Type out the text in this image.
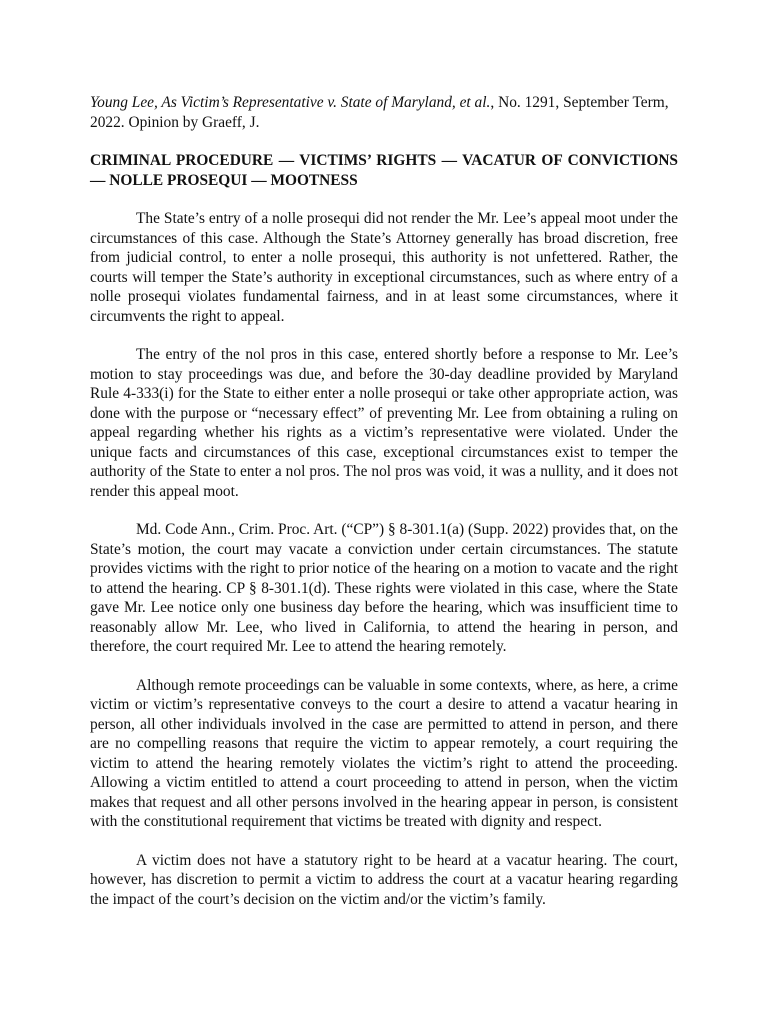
Young Lee, As Victim’s Representative v. State of Maryland, et al., No. 1291, September Term, 2022. Opinion by Graeff, J.

CRIMINAL PROCEDURE — VICTIMS’ RIGHTS — VACATUR OF CONVICTIONS — NOLLE PROSEQUI — MOOTNESS

The State’s entry of a nolle prosequi did not render the Mr. Lee’s appeal moot under the circumstances of this case. Although the State’s Attorney generally has broad discretion, free from judicial control, to enter a nolle prosequi, this authority is not unfettered. Rather, the courts will temper the State’s authority in exceptional circumstances, such as where entry of a nolle prosequi violates fundamental fairness, and in at least some circumstances, where it circumvents the right to appeal.

The entry of the nol pros in this case, entered shortly before a response to Mr. Lee’s motion to stay proceedings was due, and before the 30-day deadline provided by Maryland Rule 4-333(i) for the State to either enter a nolle prosequi or take other appropriate action, was done with the purpose or “necessary effect” of preventing Mr. Lee from obtaining a ruling on appeal regarding whether his rights as a victim’s representative were violated. Under the unique facts and circumstances of this case, exceptional circumstances exist to temper the authority of the State to enter a nol pros. The nol pros was void, it was a nullity, and it does not render this appeal moot.

Md. Code Ann., Crim. Proc. Art. (“CP”) § 8-301.1(a) (Supp. 2022) provides that, on the State’s motion, the court may vacate a conviction under certain circumstances. The statute provides victims with the right to prior notice of the hearing on a motion to vacate and the right to attend the hearing. CP § 8-301.1(d). These rights were violated in this case, where the State gave Mr. Lee notice only one business day before the hearing, which was insufficient time to reasonably allow Mr. Lee, who lived in California, to attend the hearing in person, and therefore, the court required Mr. Lee to attend the hearing remotely.

Although remote proceedings can be valuable in some contexts, where, as here, a crime victim or victim’s representative conveys to the court a desire to attend a vacatur hearing in person, all other individuals involved in the case are permitted to attend in person, and there are no compelling reasons that require the victim to appear remotely, a court requiring the victim to attend the hearing remotely violates the victim’s right to attend the proceeding. Allowing a victim entitled to attend a court proceeding to attend in person, when the victim makes that request and all other persons involved in the hearing appear in person, is consistent with the constitutional requirement that victims be treated with dignity and respect.

A victim does not have a statutory right to be heard at a vacatur hearing. The court, however, has discretion to permit a victim to address the court at a vacatur hearing regarding the impact of the court’s decision on the victim and/or the victim’s family.
